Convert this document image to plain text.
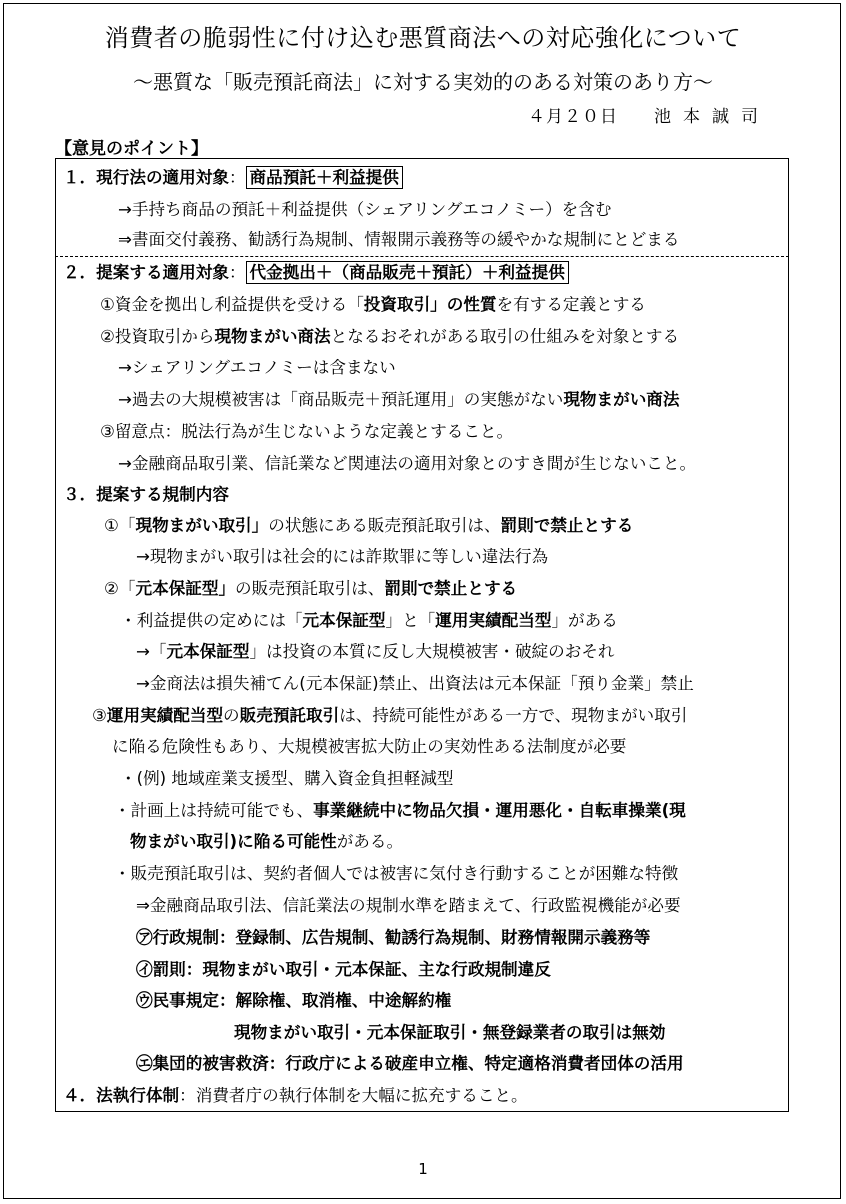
消費者の脆弱性に付け込む悪質商法への対応強化について
～悪質な「販売預託商法」に対する実効的のある対策のあり方～
４月２０日 池本誠司
【意見のポイント】
１．現行法の適用対象： 商品預託＋利益提供
→手持ち商品の預託＋利益提供（シェアリングエコノミー）を含む
⇒書面交付義務、勧誘行為規制、情報開示義務等の緩やかな規制にとどまる
２．提案する適用対象： 代金拠出＋（商品販売＋預託）＋利益提供
①資金を拠出し利益提供を受ける「投資取引」の性質を有する定義とする
②投資取引から現物まがい商法となるおそれがある取引の仕組みを対象とする
→シェアリングエコノミーは含まない
→過去の大規模被害は「商品販売＋預託運用」の実態がない現物まがい商法
③留意点：脱法行為が生じないような定義とすること。
→金融商品取引業、信託業など関連法の適用対象とのすき間が生じないこと。
３．提案する規制内容
①「現物まがい取引」の状態にある販売預託取引は、罰則で禁止とする
→現物まがい取引は社会的には詐欺罪に等しい違法行為
②「元本保証型」の販売預託取引は、罰則で禁止とする
・利益提供の定めには「元本保証型」と「運用実績配当型」がある
→「元本保証型」は投資の本質に反し大規模被害・破綻のおそれ
→金商法は損失補てん(元本保証)禁止、出資法は元本保証「預り金業」禁止
③運用実績配当型の販売預託取引は、持続可能性がある一方で、現物まがい取引
に陥る危険性もあり、大規模被害拡大防止の実効性ある法制度が必要
・(例) 地域産業支援型、購入資金負担軽減型
・計画上は持続可能でも、事業継続中に物品欠損・運用悪化・自転車操業(現
物まがい取引)に陥る可能性がある。
・販売預託取引は、契約者個人では被害に気付き行動することが困難な特徴
⇒金融商品取引法、信託業法の規制水準を踏まえて、行政監視機能が必要
㋐行政規制：登録制、広告規制、勧誘行為規制、財務情報開示義務等
㋑罰則：現物まがい取引・元本保証、主な行政規制違反
㋒民事規定：解除権、取消権、中途解約権
現物まがい取引・元本保証取引・無登録業者の取引は無効
㋓集団的被害救済：行政庁による破産申立権、特定適格消費者団体の活用
４．法執行体制：消費者庁の執行体制を大幅に拡充すること。
1
